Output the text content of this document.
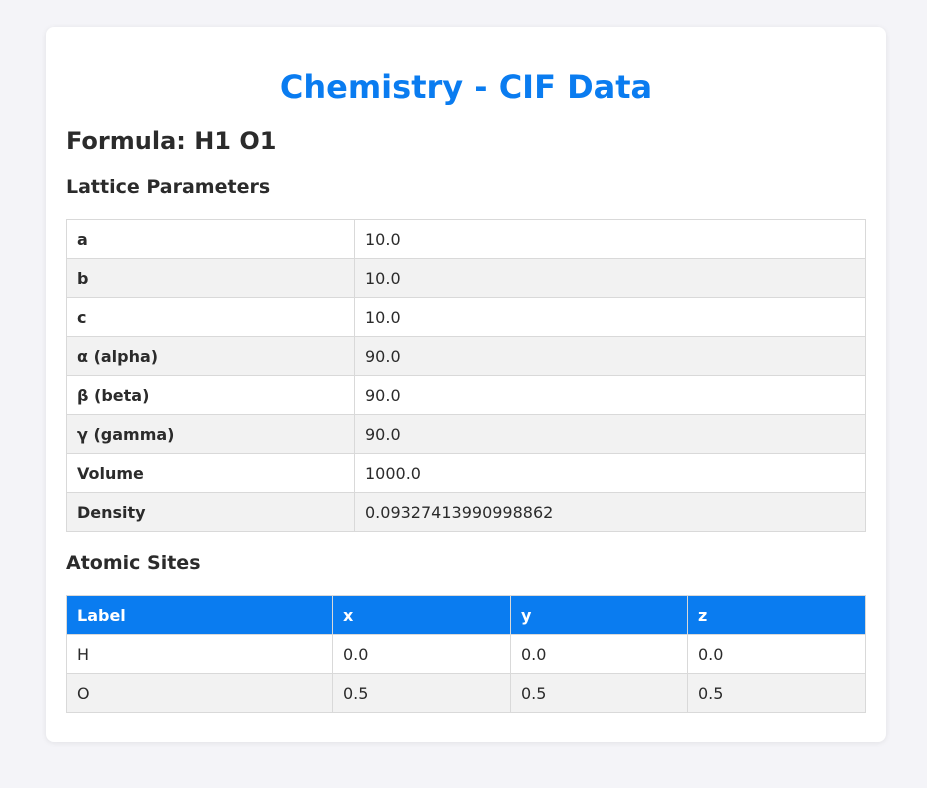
Chemistry - CIF Data
Formula: H1 O1
Lattice Parameters
a	10.0
b	10.0
c	10.0
α (alpha)	90.0
β (beta)	90.0
γ (gamma)	90.0
Volume	1000.0
Density	0.09327413990998862
Atomic Sites
Label	x	y	z
H	0.0	0.0	0.0
O	0.5	0.5	0.5
